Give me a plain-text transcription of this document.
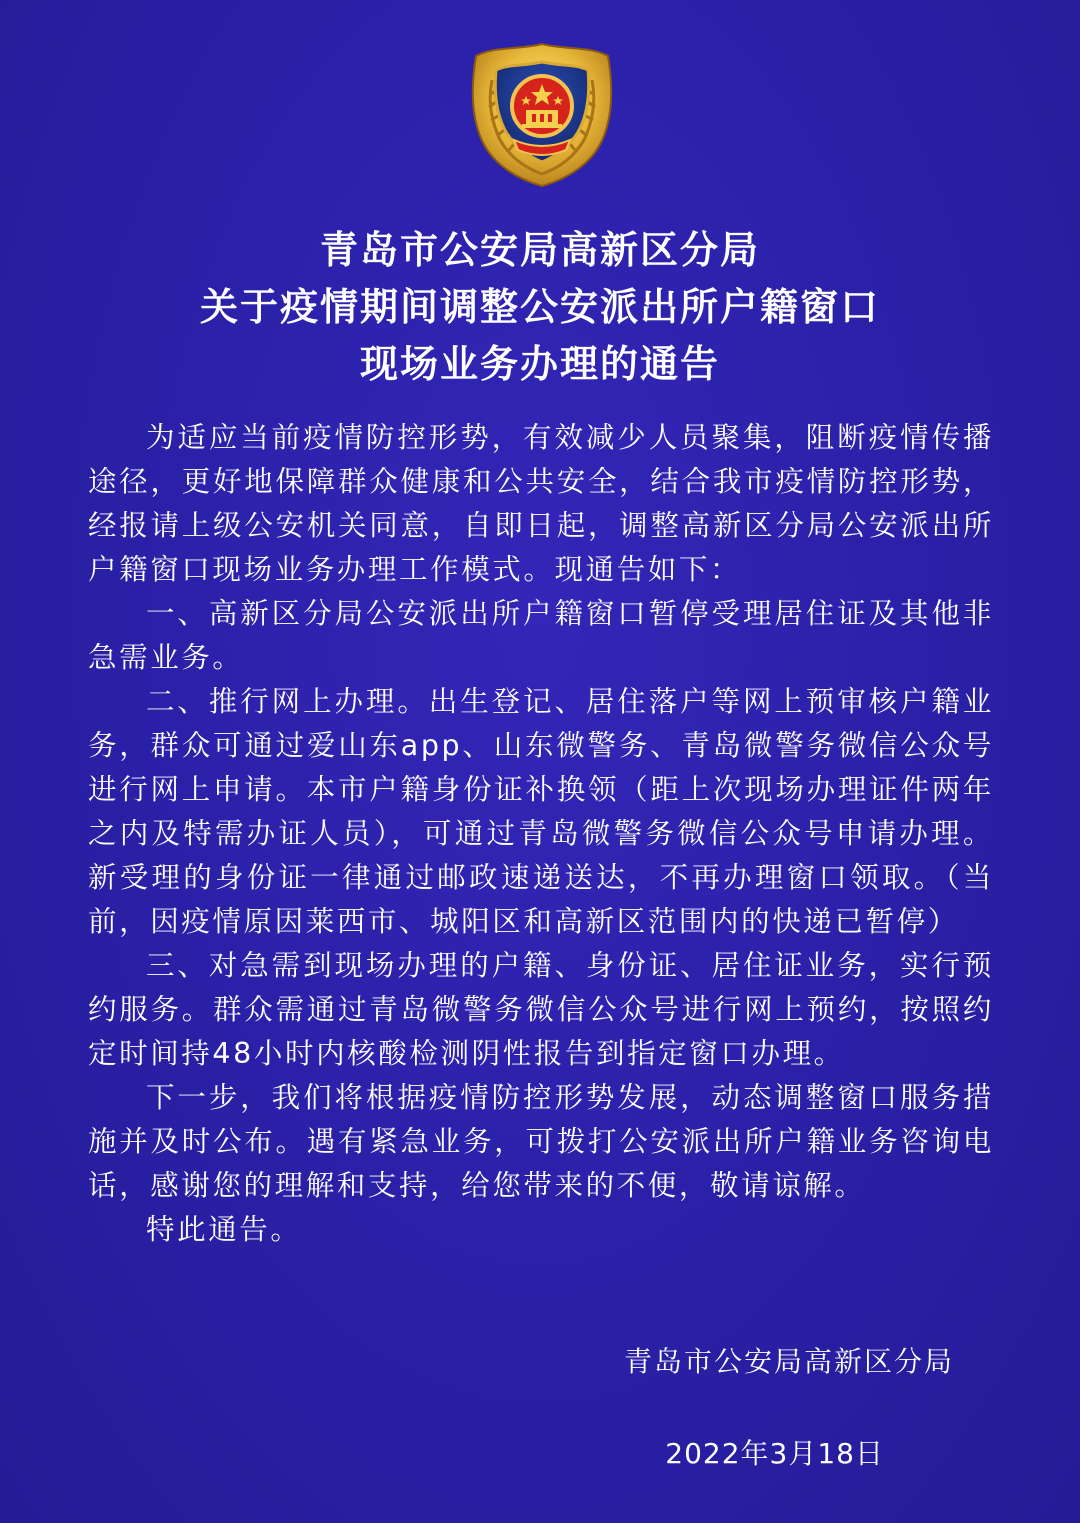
青岛市公安局高新区分局
关于疫情期间调整公安派出所户籍窗口
现场业务办理的通告

为适应当前疫情防控形势，有效减少人员聚集，阻断疫情传播途径，更好地保障群众健康和公共安全，结合我市疫情防控形势，经报请上级公安机关同意，自即日起，调整高新区分局公安派出所户籍窗口现场业务办理工作模式。现通告如下：

一、高新区分局公安派出所户籍窗口暂停受理居住证及其他非急需业务。

二、推行网上办理。出生登记、居住落户等网上预审核户籍业务，群众可通过爱山东app、山东微警务、青岛微警务微信公众号进行网上申请。本市户籍身份证补换领（距上次现场办理证件两年之内及特需办证人员），可通过青岛微警务微信公众号申请办理。新受理的身份证一律通过邮政速递送达，不再办理窗口领取。（当前，因疫情原因莱西市、城阳区和高新区范围内的快递已暂停）

三、对急需到现场办理的户籍、身份证、居住证业务，实行预约服务。群众需通过青岛微警务微信公众号进行网上预约，按照约定时间持48小时内核酸检测阴性报告到指定窗口办理。

下一步，我们将根据疫情防控形势发展，动态调整窗口服务措施并及时公布。遇有紧急业务，可拨打公安派出所户籍业务咨询电话，感谢您的理解和支持，给您带来的不便，敬请谅解。

特此通告。

青岛市公安局高新区分局
2022年3月18日
